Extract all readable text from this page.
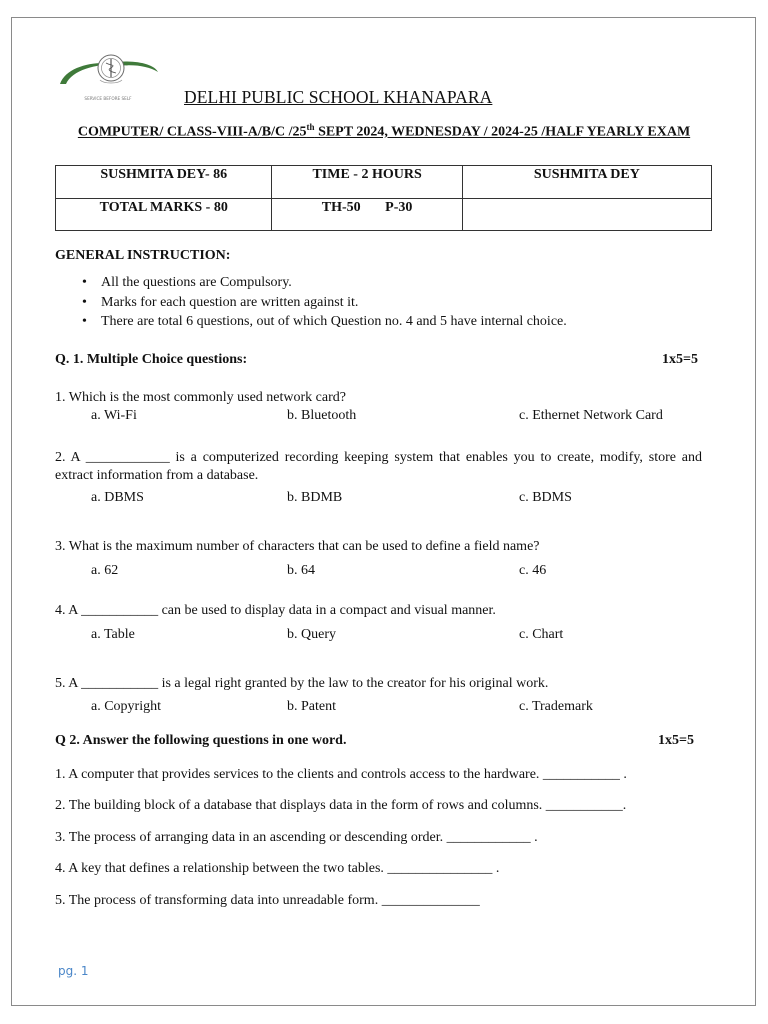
SERVICE BEFORE SELF	DELHI PUBLIC SCHOOL KHANAPARA
COMPUTER/ CLASS-VIII-A/B/C /25th SEPT 2024, WEDNESDAY / 2024-25 /HALF YEARLY EXAM
SUSHMITA DEY- 86	TIME - 2 HOURS	SUSHMITA DEY
TOTAL MARKS - 80	TH-50       P-30	
GENERAL INSTRUCTION:
• All the questions are Compulsory.
• Marks for each question are written against it.
• There are total 6 questions, out of which Question no. 4 and 5 have internal choice.
Q. 1. Multiple Choice questions:	1x5=5
1. Which is the most commonly used network card?
a. Wi-Fi	b. Bluetooth	c. Ethernet Network Card
2. A ____________ is a computerized recording keeping system that enables you to create, modify, store and extract information from a database.
a. DBMS	b. BDMB	c. BDMS
3. What is the maximum number of characters that can be used to define a field name?
a. 62	b. 64	c. 46
4. A ___________ can be used to display data in a compact and visual manner.
a. Table	b. Query	c. Chart
5. A ___________ is a legal right granted by the law to the creator for his original work.
a. Copyright	b. Patent	c. Trademark
Q 2. Answer the following questions in one word.	1x5=5
1. A computer that provides services to the clients and controls access to the hardware. ___________ .
2. The building block of a database that displays data in the form of rows and columns. ___________.
3. The process of arranging data in an ascending or descending order. ____________ .
4. A key that defines a relationship between the two tables. _______________ .
5. The process of transforming data into unreadable form. ______________
pg. 1
